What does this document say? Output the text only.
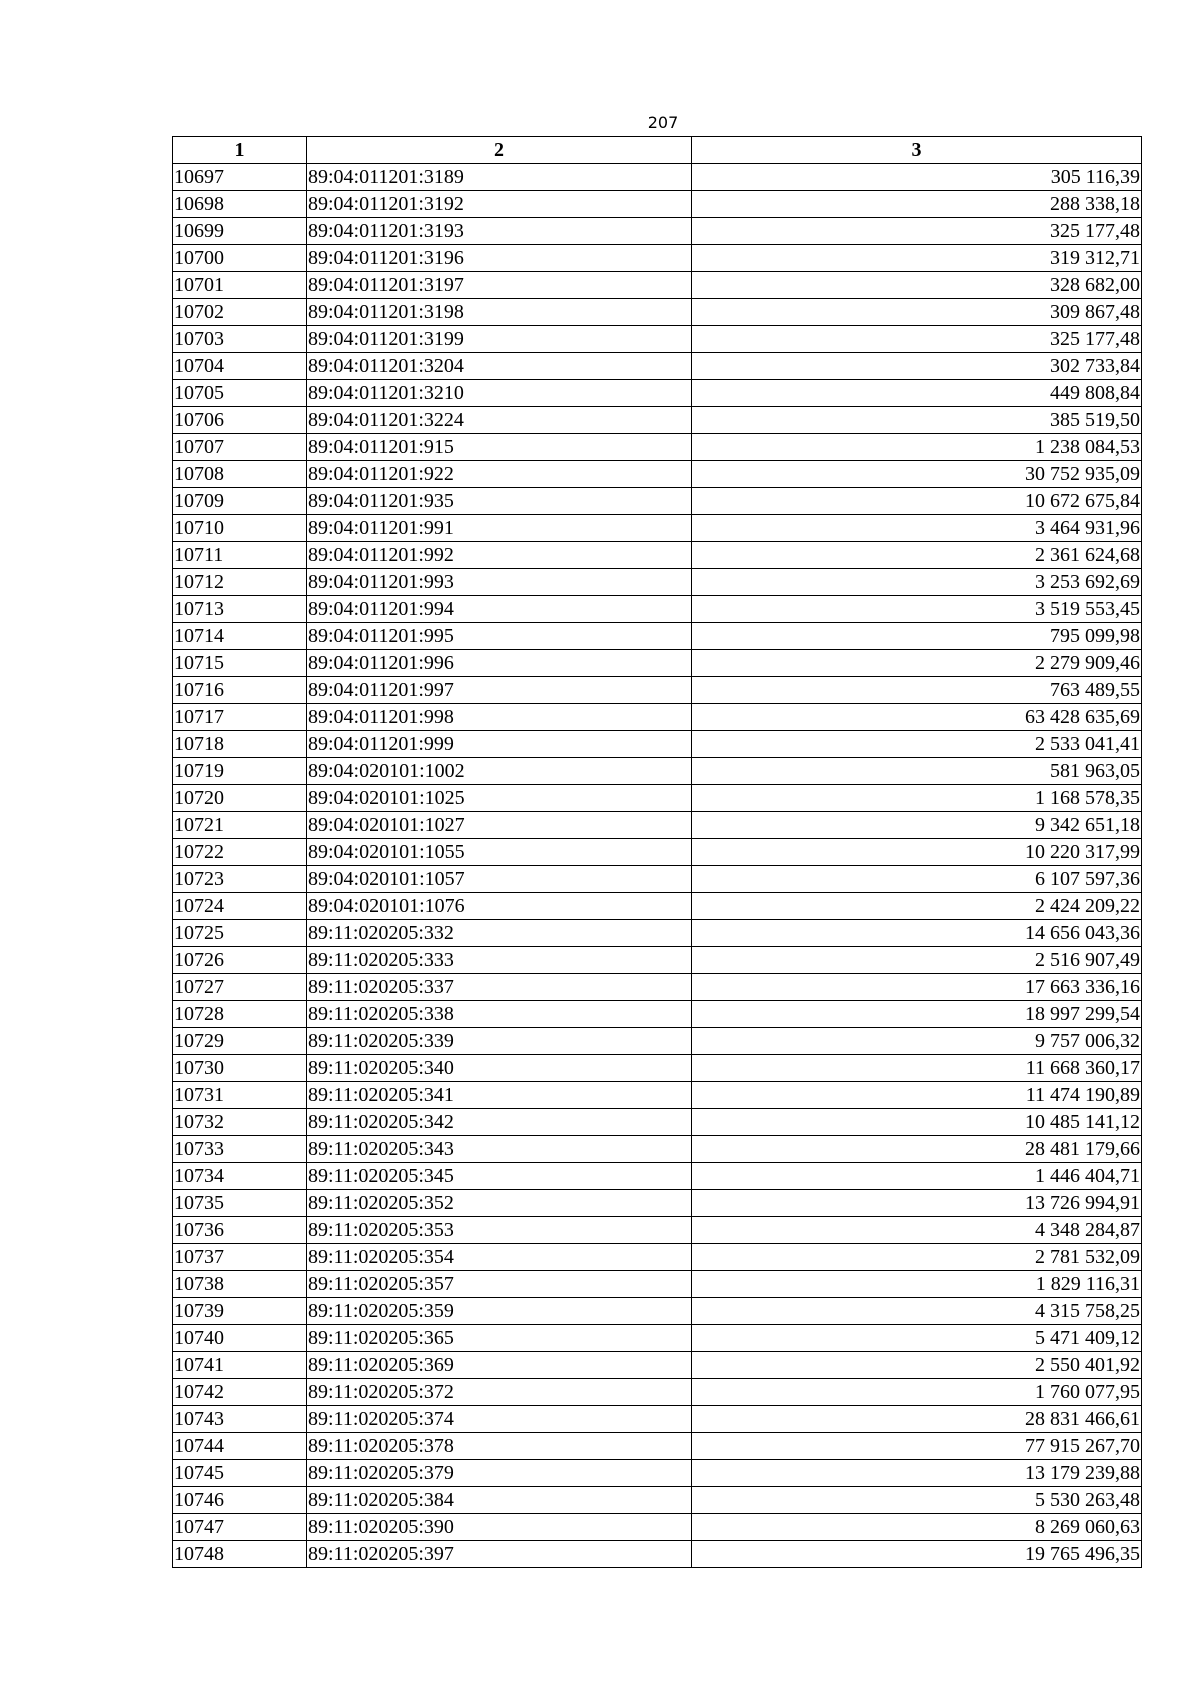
207
1	2	3
10697	89:04:011201:3189	305 116,39
10698	89:04:011201:3192	288 338,18
10699	89:04:011201:3193	325 177,48
10700	89:04:011201:3196	319 312,71
10701	89:04:011201:3197	328 682,00
10702	89:04:011201:3198	309 867,48
10703	89:04:011201:3199	325 177,48
10704	89:04:011201:3204	302 733,84
10705	89:04:011201:3210	449 808,84
10706	89:04:011201:3224	385 519,50
10707	89:04:011201:915	1 238 084,53
10708	89:04:011201:922	30 752 935,09
10709	89:04:011201:935	10 672 675,84
10710	89:04:011201:991	3 464 931,96
10711	89:04:011201:992	2 361 624,68
10712	89:04:011201:993	3 253 692,69
10713	89:04:011201:994	3 519 553,45
10714	89:04:011201:995	795 099,98
10715	89:04:011201:996	2 279 909,46
10716	89:04:011201:997	763 489,55
10717	89:04:011201:998	63 428 635,69
10718	89:04:011201:999	2 533 041,41
10719	89:04:020101:1002	581 963,05
10720	89:04:020101:1025	1 168 578,35
10721	89:04:020101:1027	9 342 651,18
10722	89:04:020101:1055	10 220 317,99
10723	89:04:020101:1057	6 107 597,36
10724	89:04:020101:1076	2 424 209,22
10725	89:11:020205:332	14 656 043,36
10726	89:11:020205:333	2 516 907,49
10727	89:11:020205:337	17 663 336,16
10728	89:11:020205:338	18 997 299,54
10729	89:11:020205:339	9 757 006,32
10730	89:11:020205:340	11 668 360,17
10731	89:11:020205:341	11 474 190,89
10732	89:11:020205:342	10 485 141,12
10733	89:11:020205:343	28 481 179,66
10734	89:11:020205:345	1 446 404,71
10735	89:11:020205:352	13 726 994,91
10736	89:11:020205:353	4 348 284,87
10737	89:11:020205:354	2 781 532,09
10738	89:11:020205:357	1 829 116,31
10739	89:11:020205:359	4 315 758,25
10740	89:11:020205:365	5 471 409,12
10741	89:11:020205:369	2 550 401,92
10742	89:11:020205:372	1 760 077,95
10743	89:11:020205:374	28 831 466,61
10744	89:11:020205:378	77 915 267,70
10745	89:11:020205:379	13 179 239,88
10746	89:11:020205:384	5 530 263,48
10747	89:11:020205:390	8 269 060,63
10748	89:11:020205:397	19 765 496,35
